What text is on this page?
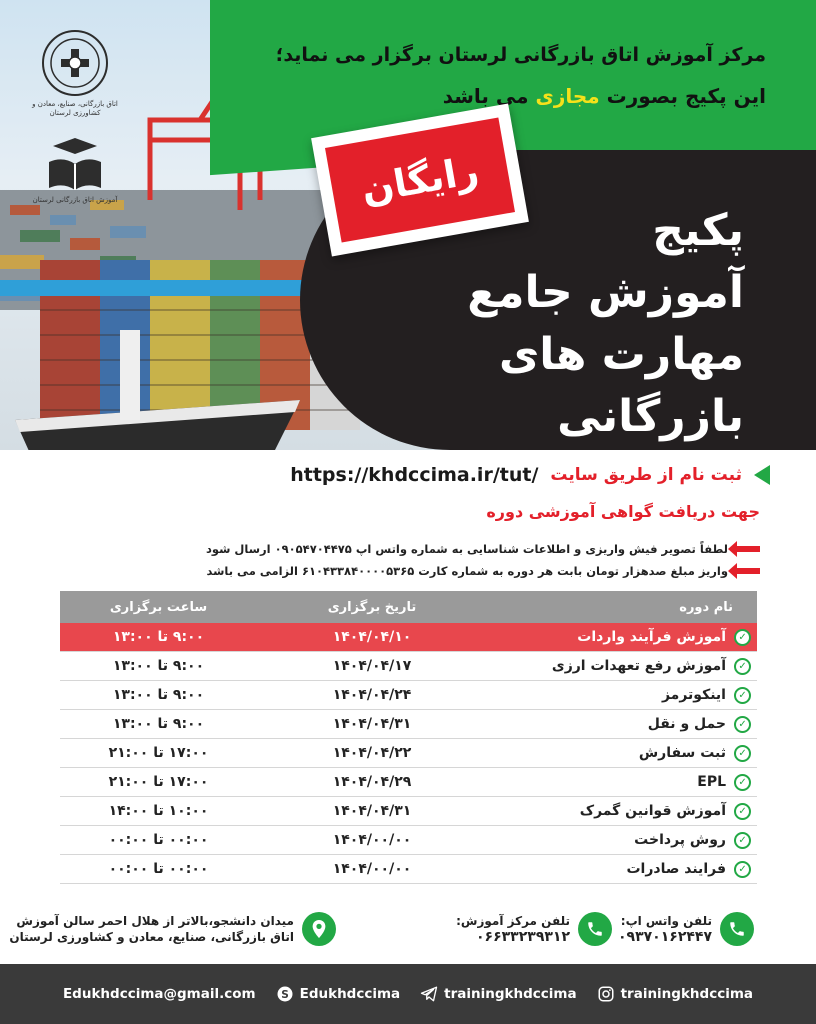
اتاق بازرگانی، صنایع، معادن و کشاورزی لرستان
آموزش اتاق بازرگانی لرستان
مرکز آموزش اتاق بازرگانی لرستان برگزار می نماید؛
این پکیج بصورت مجازی می باشد
رایگان
پکیج
آموزش جامع
مهارت های بازرگانی
https://khdccima.ir/tut/ ثبت نام از طریق سایت
جهت دریافت گواهی آموزشی دوره
لطفاً تصویر فیش واریزی و اطلاعات شناسایی به شماره واتس اپ ۰۹۰۵۴۷۰۴۴۷۵ ارسال شود
واریز مبلغ صدهزار تومان بابت هر دوره به شماره کارت ۶۱۰۴۳۳۸۴۰۰۰۰۵۳۶۵ الزامی می باشد
نام دوره
تاریخ برگزاری
ساعت برگزاری
✓
آموزش فرآیند واردات
۱۴۰۴/۰۴/۱۰
۹:۰۰ تا ۱۳:۰۰
✓
آموزش رفع تعهدات ارزی
۱۴۰۴/۰۴/۱۷
۹:۰۰ تا ۱۳:۰۰
✓
اینکوترمز
۱۴۰۴/۰۴/۲۴
۹:۰۰ تا ۱۳:۰۰
✓
حمل و نقل
۱۴۰۴/۰۴/۳۱
۹:۰۰ تا ۱۳:۰۰
✓
ثبت سفارش
۱۴۰۴/۰۴/۲۲
۱۷:۰۰ تا ۲۱:۰۰
✓
EPL
۱۴۰۴/۰۴/۲۹
۱۷:۰۰ تا ۲۱:۰۰
✓
آموزش قوانین گمرک
۱۴۰۴/۰۴/۳۱
۱۰:۰۰ تا ۱۴:۰۰
✓
روش پرداخت
۱۴۰۴/۰۰/۰۰
۰۰:۰۰ تا ۰۰:۰۰
✓
فرایند صادرات
۱۴۰۴/۰۰/۰۰
۰۰:۰۰ تا ۰۰:۰۰
تلفن واتس اپ:
۰۹۳۷۰۱۶۲۴۴۷
تلفن مرکز آموزش:
۰۶۶۳۳۲۳۹۳۱۲
میدان دانشجو،بالاتر از هلال احمر سالن آموزش
اتاق بازرگانی، صنایع، معادن و کشاورزی لرستان
Edukhdccima@gmail.com S Edukhdccima	trainingkhdccima	trainingkhdccima
